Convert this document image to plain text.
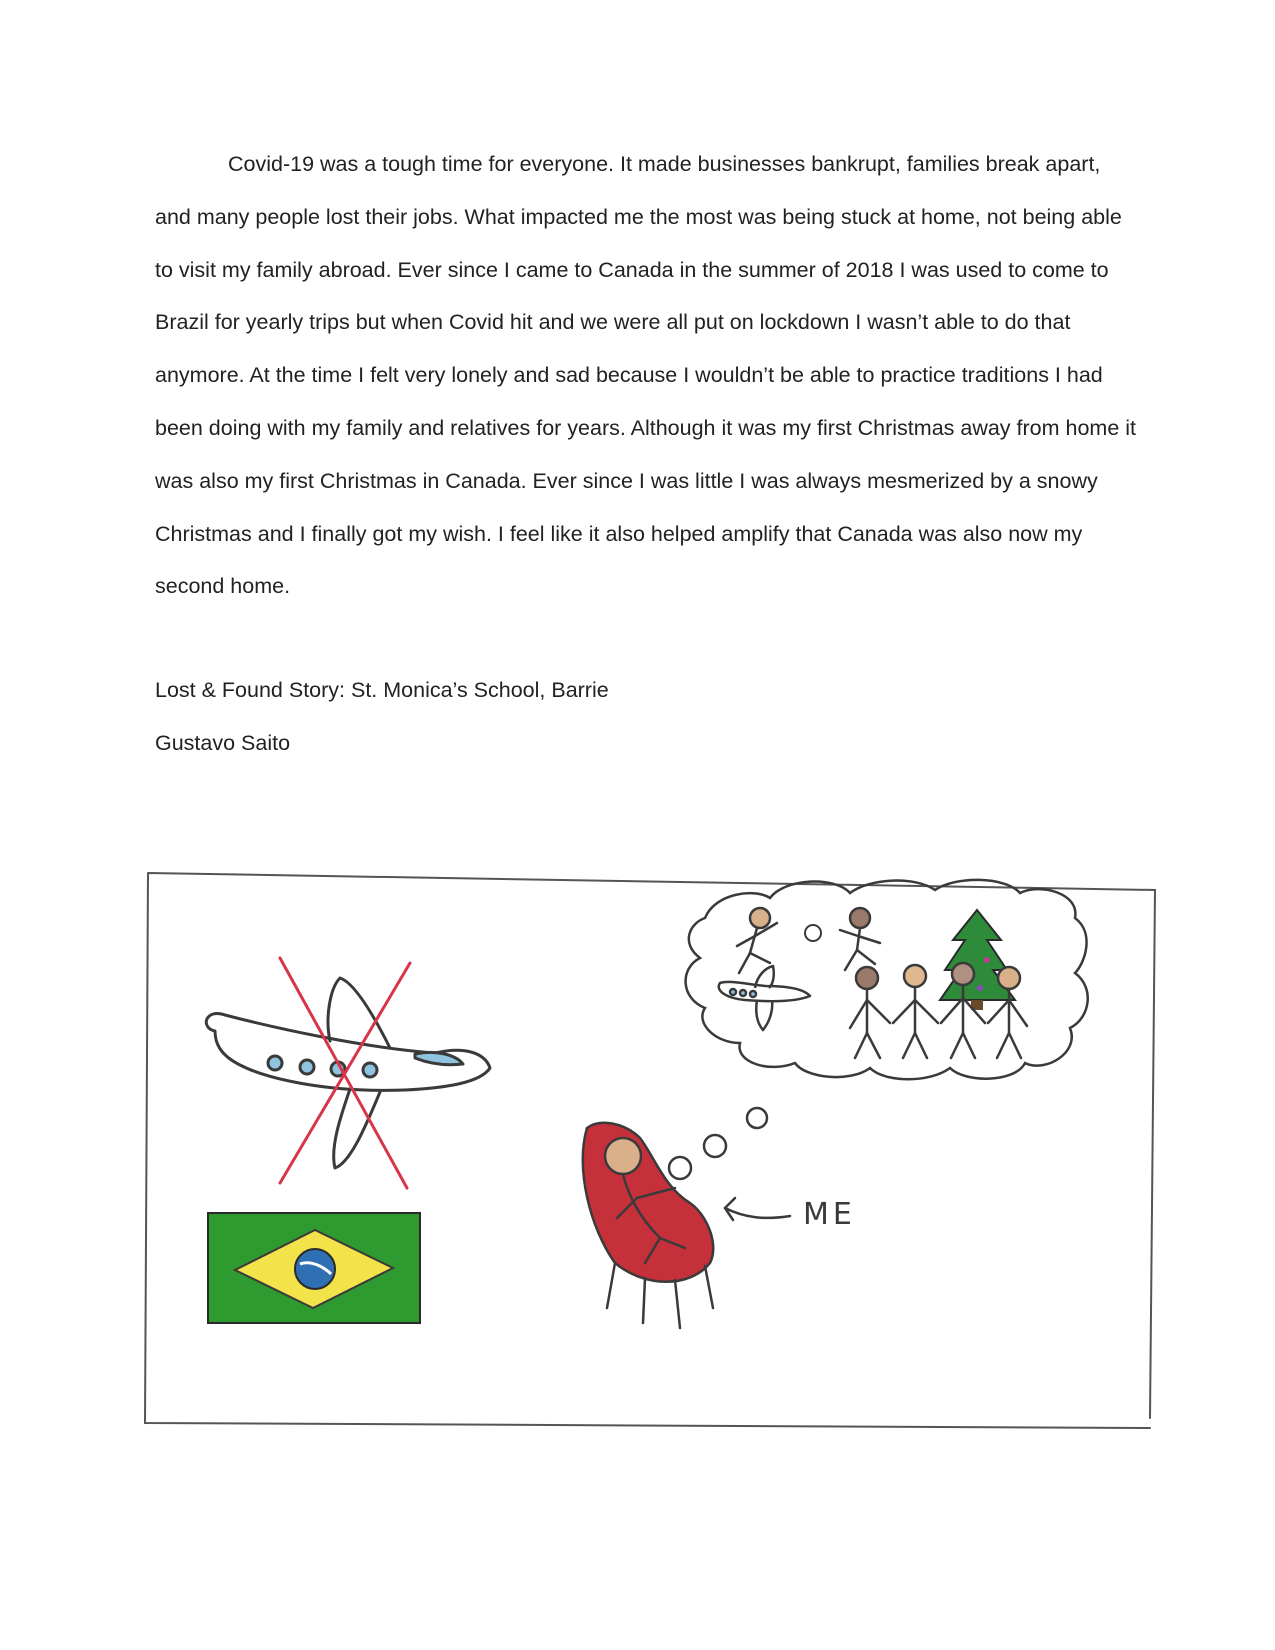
Covid-19 was a tough time for everyone. It made businesses bankrupt, families break apart, and many people lost their jobs. What impacted me the most was being stuck at home, not being able to visit my family abroad. Ever since I came to Canada in the summer of 2018 I was used to come to Brazil for yearly trips but when Covid hit and we were all put on lockdown I wasn’t able to do that anymore. At the time I felt very lonely and sad because I wouldn’t be able to practice traditions I had been doing with my family and relatives for years. Although it was my first Christmas away from home it was also my first Christmas in Canada. Ever since I was little I was always mesmerized by a snowy Christmas and I finally got my wish. I feel like it also helped amplify that Canada was also now my second home.

Lost & Found Story: St. Monica’s School, Barrie

Gustavo Saito

ME
